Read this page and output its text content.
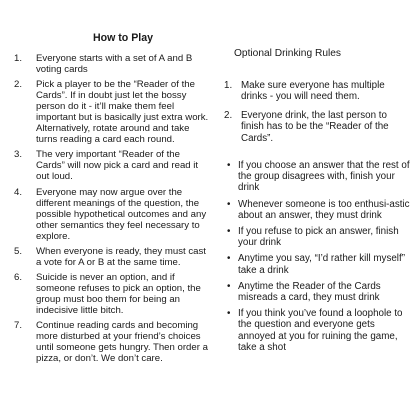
How to Play
1.	Everyone starts with a set of A and B voting cards
2.	Pick a player to be the “Reader of the Cards”. If in doubt just let the bossy person do it - it’ll make them feel important but is basically just extra work. Alternatively, rotate around and take turns reading a card each round.
3.	The very important “Reader of the Cards” will now pick a card and read it out loud.
4.	Everyone may now argue over the different meanings of the question, the possible hypothetical outcomes and any other semantics they feel necessary to explore.
5.	When everyone is ready, they must cast a vote for A or B at the same time.
6.	Suicide is never an option, and if someone refuses to pick an option, the group must boo them for being an indecisive little bitch.
7.	Continue reading cards and becoming more disturbed at your friend’s choices until someone gets hungry. Then order a pizza, or don’t. We don’t care.
Optional Drinking Rules
1. Make sure everyone has multiple drinks - you will need them.
2. Everyone drink, the last person to finish has to be the “Reader of the Cards”.
• If you choose an answer that the rest of the group disagrees with, finish your drink
• Whenever someone is too enthusi-astic about an answer, they must drink
• If you refuse to pick an answer, finish your drink
• Anytime you say, “I’d rather kill myself” take a drink
• Anytime the Reader of the Cards misreads a card, they must drink
• If you think you’ve found a loophole to the question and everyone gets annoyed at you for ruining the game, take a shot
